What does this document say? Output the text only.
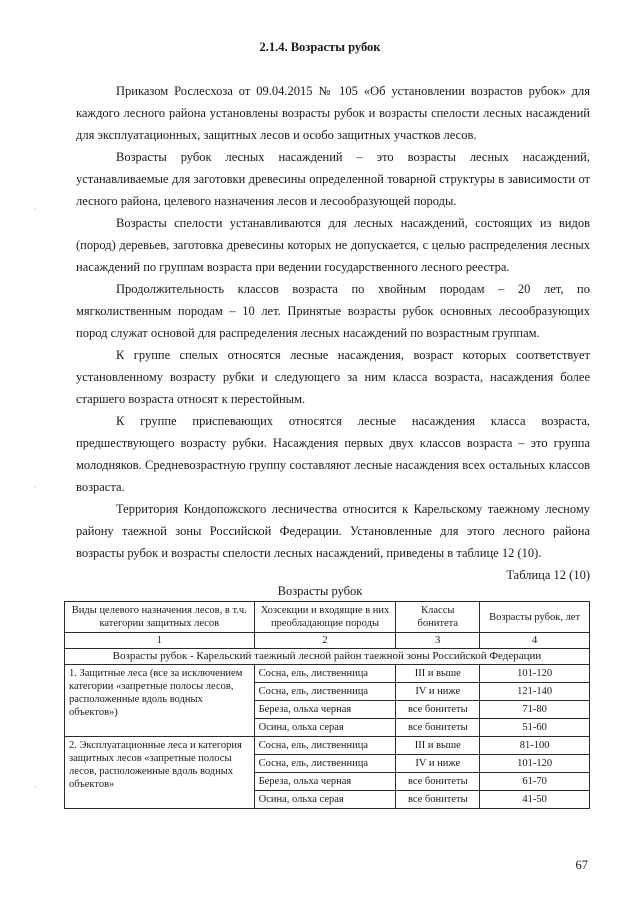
2.1.4. Возрасты рубок

Приказом Рослесхоза от 09.04.2015 № 105 «Об установлении возрастов рубок» для каждого лесного района установлены возрасты рубок и возрасты спелости лесных насаждений для эксплуатационных, защитных лесов и особо защитных участков лесов.

Возрасты рубок лесных насаждений – это возрасты лесных насаждений, устанавливаемые для заготовки древесины определенной товарной структуры в зависимости от лесного района, целевого назначения лесов и лесообразующей породы.

Возрасты спелости устанавливаются для лесных насаждений, состоящих из видов (пород) деревьев, заготовка древесины которых не допускается, с целью распределения лесных насаждений по группам возраста при ведении государственного лесного реестра.

Продолжительность классов возраста по хвойным породам – 20 лет, по мягколиственным породам – 10 лет. Принятые возрасты рубок основных лесообразующих пород служат основой для распределения лесных насаждений по возрастным группам.

К группе спелых относятся лесные насаждения, возраст которых соответствует установленному возрасту рубки и следующего за ним класса возраста, насаждения более старшего возраста относят к перестойным.

К группе приспевающих относятся лесные насаждения класса возраста, предшествующего возрасту рубки. Насаждения первых двух классов возраста – это группа молодняков. Средневозрастную группу составляют лесные насаждения всех остальных классов возраста.

Территория Кондопожского лесничества относится к Карельскому таежному лесному району таежной зоны Российской Федерации. Установленные для этого лесного района возрасты рубок и возрасты спелости лесных насаждений, приведены в таблице 12 (10).

Таблица 12 (10)
Возрасты рубок
Виды целевого назначения лесов, в т.ч. категории защитных лесов	Хозсекции и входящие в них преобладающие породы	Классы бонитета	Возрасты рубок, лет
1	2	3	4
Возрасты рубок - Карельский таежный лесной район таежной зоны Российской Федерации			
1. Защитные леса (все за исключением категории «запретные полосы лесов, расположенные вдоль водных объектов»)	Сосна, ель, лиственница	III и выше	101-120
	Сосна, ель, лиственница	IV и ниже	121-140
	Береза, ольха черная	все бонитеты	71-80
	Осина, ольха серая	все бонитеты	51-60
2. Эксплуатационные леса и категория защитных лесов «запретные полосы лесов, расположенные вдоль водных объектов»	Сосна, ель, лиственница	III и выше	81-100
	Сосна, ель, лиственница	IV и ниже	101-120
	Береза, ольха черная	все бонитеты	61-70
	Осина, ольха серая	все бонитеты	41-50
ˏ
ˏ
ˏ
67
